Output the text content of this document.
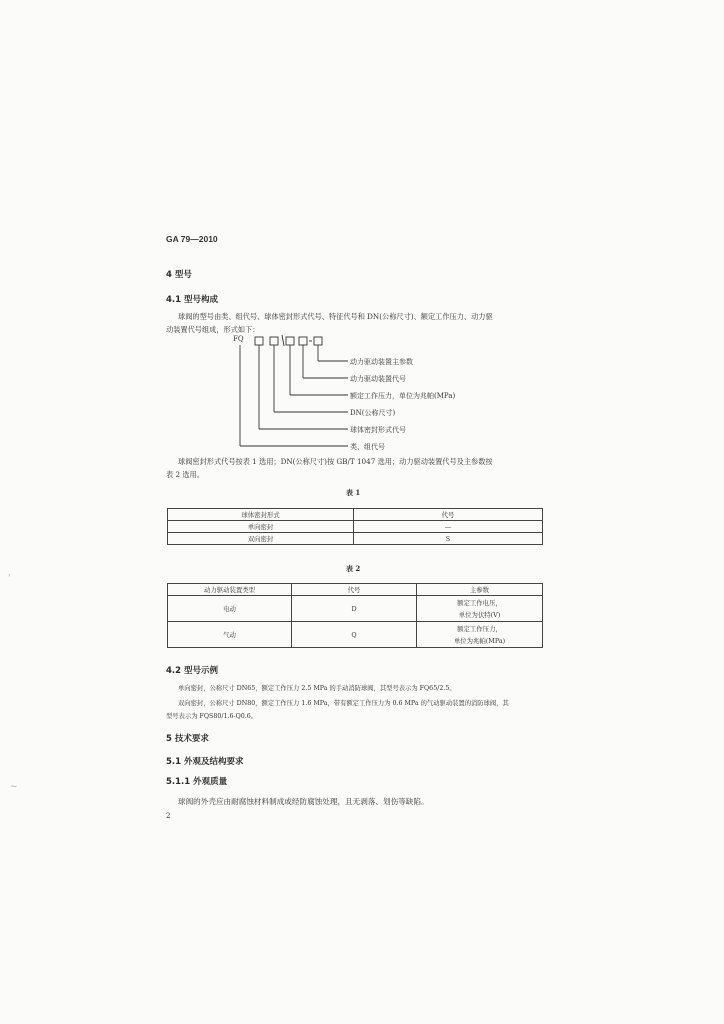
'
~
GA 79—2010
4 型号
4.1 型号构成
球阀的型号由类、组代号、球体密封形式代号、特征代号和 DN(公称尺寸)、额定工作压力、动力驱
动装置代号组成，形式如下：
FQ
动力驱动装置主参数
动力驱动装置代号
额定工作压力，单位为兆帕(MPa)
DN(公称尺寸)
球体密封形式代号
类、组代号
球阀密封形式代号按表 1 选用；DN(公称尺寸)按 GB/T 1047 选用；动力驱动装置代号及主参数按
表 2 选用。
表 1
球体密封形式	代号
单向密封	—
双向密封	S
表 2
动力驱动装置类型	代号	主参数
电动	D	额定工作电压，
单位为伏特(V)

气动	Q	额定工作压力，
单位为兆帕(MPa)
4.2 型号示例
单向密封，公称尺寸 DN65，额定工作压力 2.5 MPa 的手动消防球阀，其型号表示为 FQ65/2.5。
双向密封，公称尺寸 DN80，额定工作压力 1.6 MPa，带有额定工作压力为 0.6 MPa 的气动驱动装置的消防球阀，其
型号表示为 FQS80/1.6-Q0.6。
5 技术要求
5.1 外观及结构要求
5.1.1 外观质量
球阀的外壳应由耐腐蚀材料制成或经防腐蚀处理，且无剥落、划伤等缺陷。
2
